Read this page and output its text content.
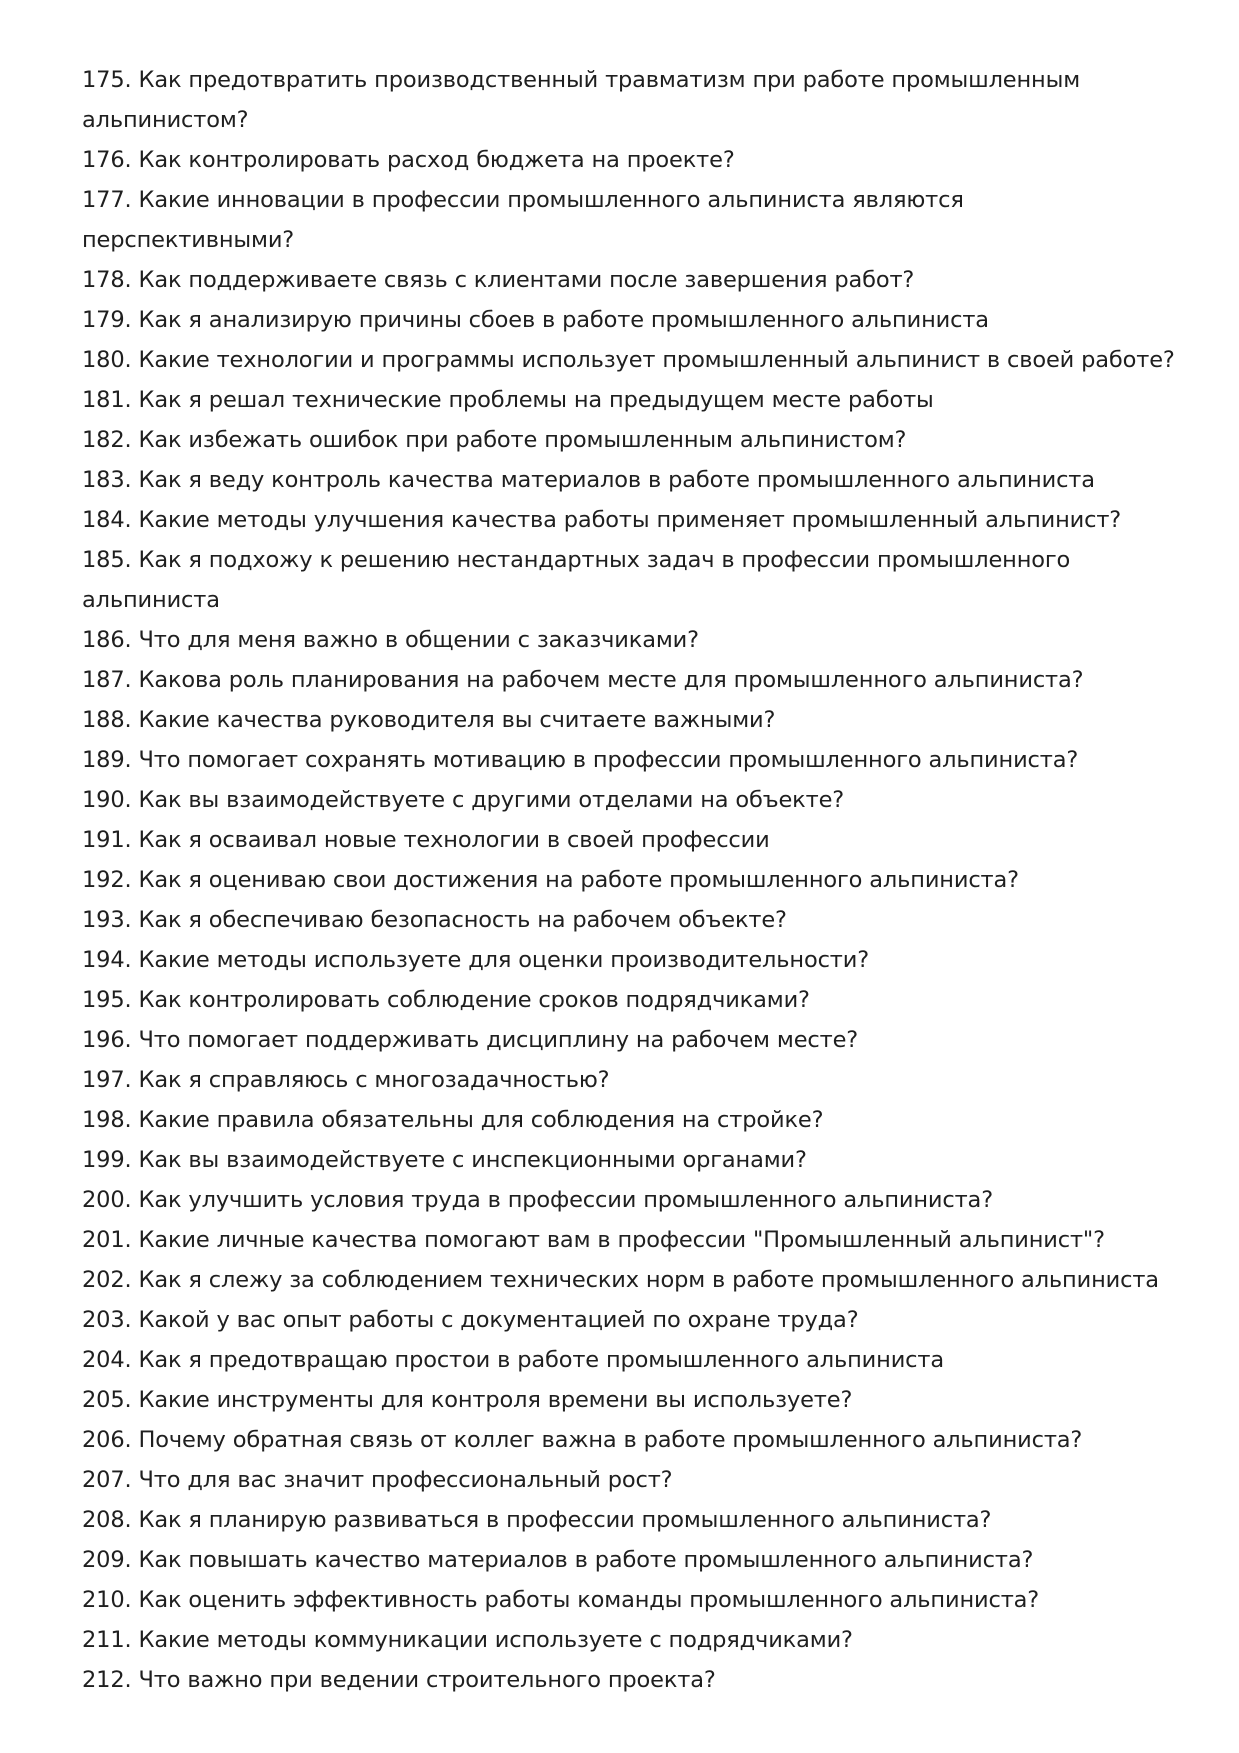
175. Как предотвратить производственный травматизм при работе промышленным альпинистом?
176. Как контролировать расход бюджета на проекте?
177. Какие инновации в профессии промышленного альпиниста являются перспективными?
178. Как поддерживаете связь с клиентами после завершения работ?
179. Как я анализирую причины сбоев в работе промышленного альпиниста
180. Какие технологии и программы использует промышленный альпинист в своей работе?
181. Как я решал технические проблемы на предыдущем месте работы
182. Как избежать ошибок при работе промышленным альпинистом?
183. Как я веду контроль качества материалов в работе промышленного альпиниста
184. Какие методы улучшения качества работы применяет промышленный альпинист?
185. Как я подхожу к решению нестандартных задач в профессии промышленного альпиниста
186. Что для меня важно в общении с заказчиками?
187. Какова роль планирования на рабочем месте для промышленного альпиниста?
188. Какие качества руководителя вы считаете важными?
189. Что помогает сохранять мотивацию в профессии промышленного альпиниста?
190. Как вы взаимодействуете с другими отделами на объекте?
191. Как я осваивал новые технологии в своей профессии
192. Как я оцениваю свои достижения на работе промышленного альпиниста?
193. Как я обеспечиваю безопасность на рабочем объекте?
194. Какие методы используете для оценки производительности?
195. Как контролировать соблюдение сроков подрядчиками?
196. Что помогает поддерживать дисциплину на рабочем месте?
197. Как я справляюсь с многозадачностью?
198. Какие правила обязательны для соблюдения на стройке?
199. Как вы взаимодействуете с инспекционными органами?
200. Как улучшить условия труда в профессии промышленного альпиниста?
201. Какие личные качества помогают вам в профессии "Промышленный альпинист"?
202. Как я слежу за соблюдением технических норм в работе промышленного альпиниста
203. Какой у вас опыт работы с документацией по охране труда?
204. Как я предотвращаю простои в работе промышленного альпиниста
205. Какие инструменты для контроля времени вы используете?
206. Почему обратная связь от коллег важна в работе промышленного альпиниста?
207. Что для вас значит профессиональный рост?
208. Как я планирую развиваться в профессии промышленного альпиниста?
209. Как повышать качество материалов в работе промышленного альпиниста?
210. Как оценить эффективность работы команды промышленного альпиниста?
211. Какие методы коммуникации используете с подрядчиками?
212. Что важно при ведении строительного проекта?
